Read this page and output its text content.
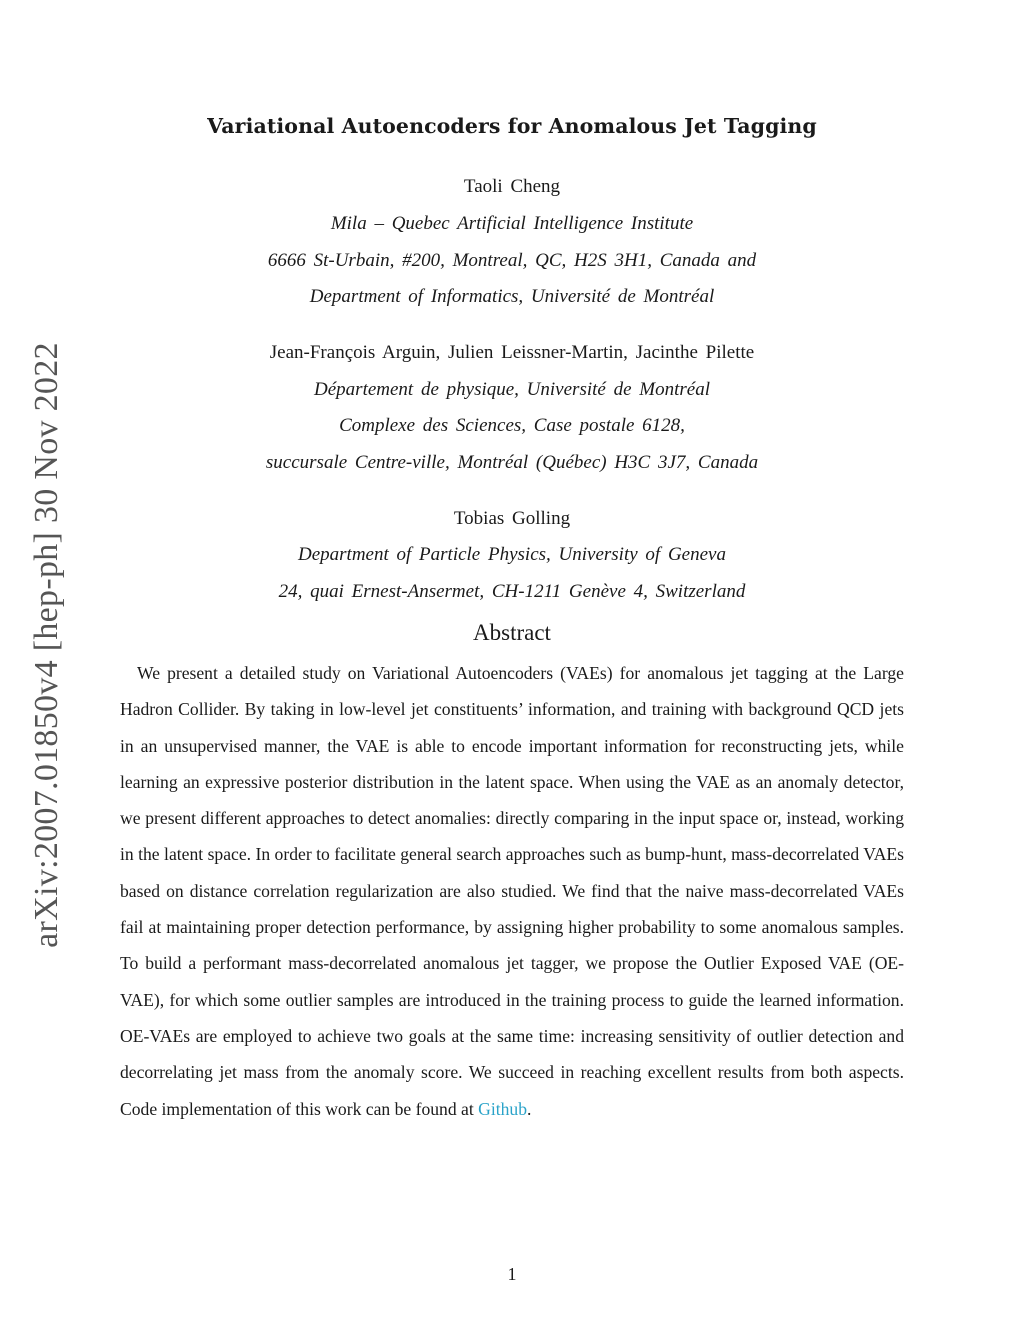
arXiv:2007.01850v4 [hep-ph] 30 Nov 2022
Variational Autoencoders for Anomalous Jet Tagging
Taoli Cheng
Mila – Quebec Artificial Intelligence Institute
6666 St-Urbain, #200, Montreal, QC, H2S 3H1, Canada and
Department of Informatics, Université de Montréal
Jean-François Arguin, Julien Leissner-Martin, Jacinthe Pilette
Département de physique, Université de Montréal
Complexe des Sciences, Case postale 6128,
succursale Centre-ville, Montréal (Québec) H3C 3J7, Canada
Tobias Golling
Department of Particle Physics, University of Geneva
24, quai Ernest-Ansermet, CH-1211 Genève 4, Switzerland
Abstract

We present a detailed study on Variational Autoencoders (VAEs) for anomalous jet tagging at the Large Hadron Collider. By taking in low-level jet constituents’ information, and training with background QCD jets in an unsupervised manner, the VAE is able to encode important information for reconstructing jets, while learning an expressive posterior distribution in the latent space. When using the VAE as an anomaly detector, we present different approaches to detect anomalies: directly comparing in the input space or, instead, working in the latent space. In order to facilitate general search approaches such as bump-hunt, mass-decorrelated VAEs based on distance correlation regularization are also studied. We find that the naive mass-decorrelated VAEs fail at maintaining proper detection performance, by assigning higher probability to some anomalous samples. To build a performant mass-decorrelated anomalous jet tagger, we propose the Outlier Exposed VAE (OE-VAE), for which some outlier samples are introduced in the training process to guide the learned information. OE-VAEs are employed to achieve two goals at the same time: increasing sensitivity of outlier detection and decorrelating jet mass from the anomaly score. We succeed in reaching excellent results from both aspects. Code implementation of this work can be found at Github.

1
